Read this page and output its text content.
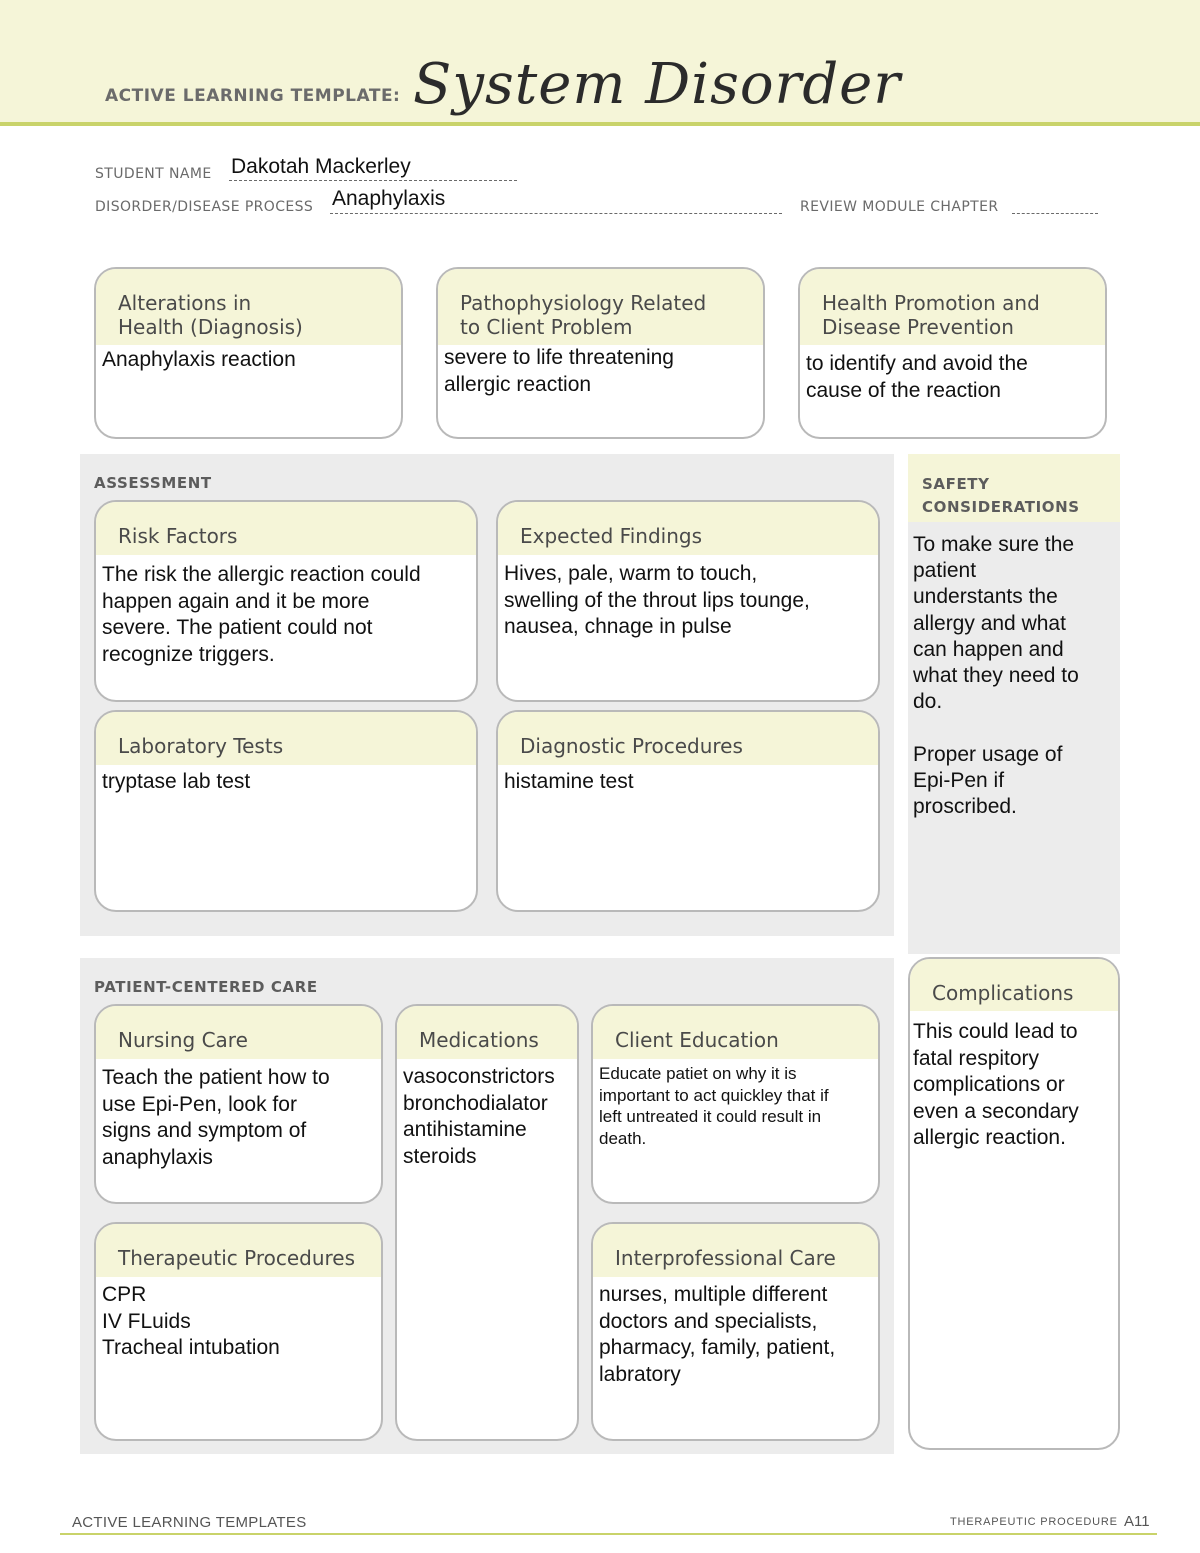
ACTIVE LEARNING TEMPLATE: System Disorder
STUDENT NAME Dakotah Mackerley
DISORDER/DISEASE PROCESS Anaphylaxis	REVIEW MODULE CHAPTER
Alterations in
Health (Diagnosis)
Anaphylaxis reaction
Pathophysiology Related
to Client Problem
severe to life threatening
allergic reaction
Health Promotion and
Disease Prevention
to identify and avoid the
cause of the reaction
ASSESSMENT
Risk Factors
The risk the allergic reaction could
happen again and it be more
severe. The patient could not
recognize triggers.
Expected Findings
Hives, pale, warm to touch,
swelling of the throut lips tounge,
nausea, chnage in pulse
Laboratory Tests
tryptase lab test
Diagnostic Procedures
histamine test
SAFETY
CONSIDERATIONS
To make sure the
patient
understants the
allergy and what
can happen and
what they need to
do.

Proper usage of
Epi-Pen if
proscribed.
PATIENT-CENTERED CARE
Nursing Care
Teach the patient how to
use Epi-Pen, look for
signs and symptom of
anaphylaxis
Medications
vasoconstrictors
bronchodialator
antihistamine
steroids
Client Education
Educate patiet on why it is
important to act quickley that if
left untreated it could result in
death.
Therapeutic Procedures
CPR
IV FLuids
Tracheal intubation
Interprofessional Care
nurses, multiple different
doctors and specialists,
pharmacy, family, patient,
labratory
Complications
This could lead to
fatal respitory
complications or
even a secondary
allergic reaction.
ACTIVE LEARNING TEMPLATES	THERAPEUTIC PROCEDURE A11
